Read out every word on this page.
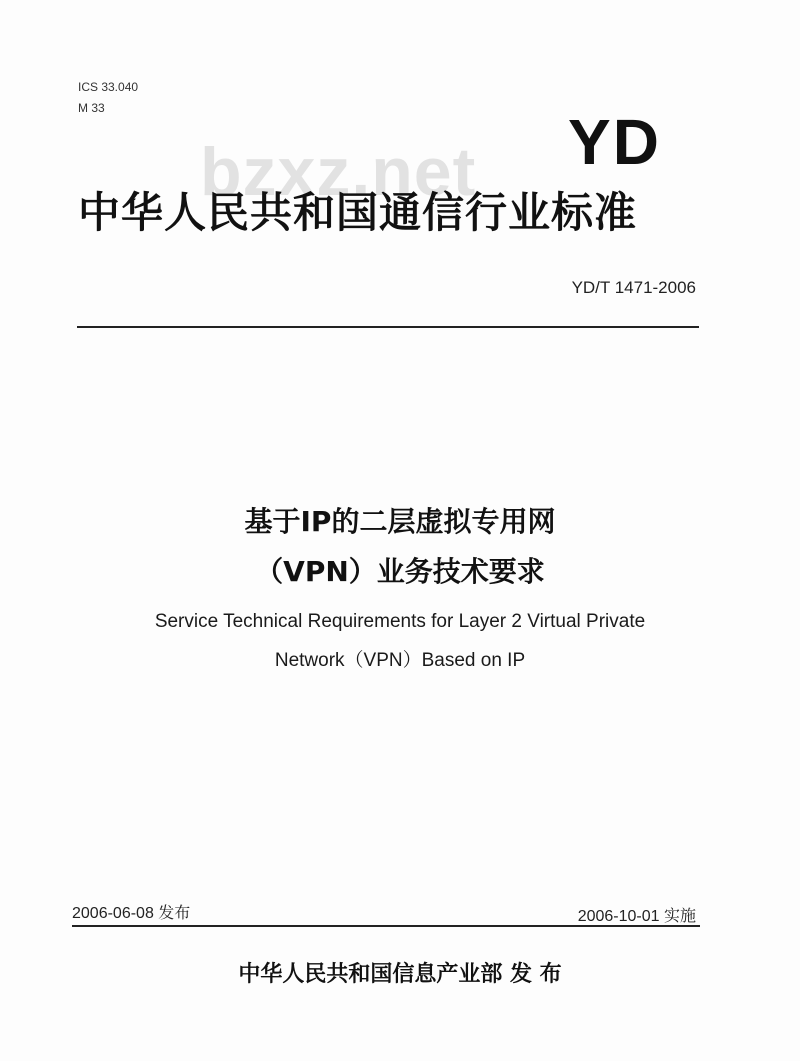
ICS 33.040

M 33	YD
bzxz.net
中华人民共和国通信行业标准

YD/T 1471-2006

基于IP的二层虚拟专用网
（VPN）业务技术要求

Service Technical Requirements for Layer 2 Virtual Private

Network（VPN）Based on IP

2006-06-08 发布	2006-10-01 实施

中华人民共和国信息产业部 发 布
